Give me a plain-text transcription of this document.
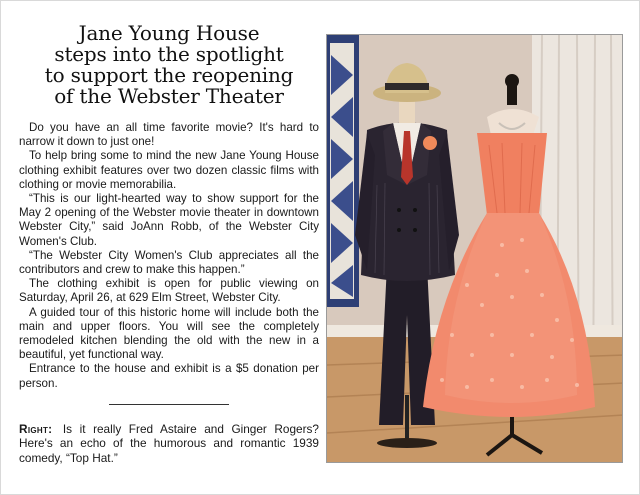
Jane Young House
steps into the spotlight
to support the reopening
of the Webster Theater

Do you have an all time favorite movie? It's hard to narrow it down to just one!

To help bring some to mind the new Jane Young House clothing exhibit features over two dozen classic films with clothing or movie memorabilia.

“This is our light-hearted way to show support for the May 2 opening of the Webster movie theater in downtown Webster City,” said JoAnn Robb, of the Webster City Women's Club.

“The Webster City Women's Club appreciates all the contributors and crew to make this happen.”

The clothing exhibit is open for public viewing on Saturday, April 26, at 629 Elm Street, Webster City.

A guided tour of this historic home will include both the main and upper floors. You will see the completely remodeled kitchen blending the old with the new in a beautiful, yet functional way.

Entrance to the house and exhibit is a $5 donation per person.

Right: Is it really Fred Astaire and Ginger Rogers? Here's an echo of the humorous and romantic 1939 comedy, “Top Hat.”
